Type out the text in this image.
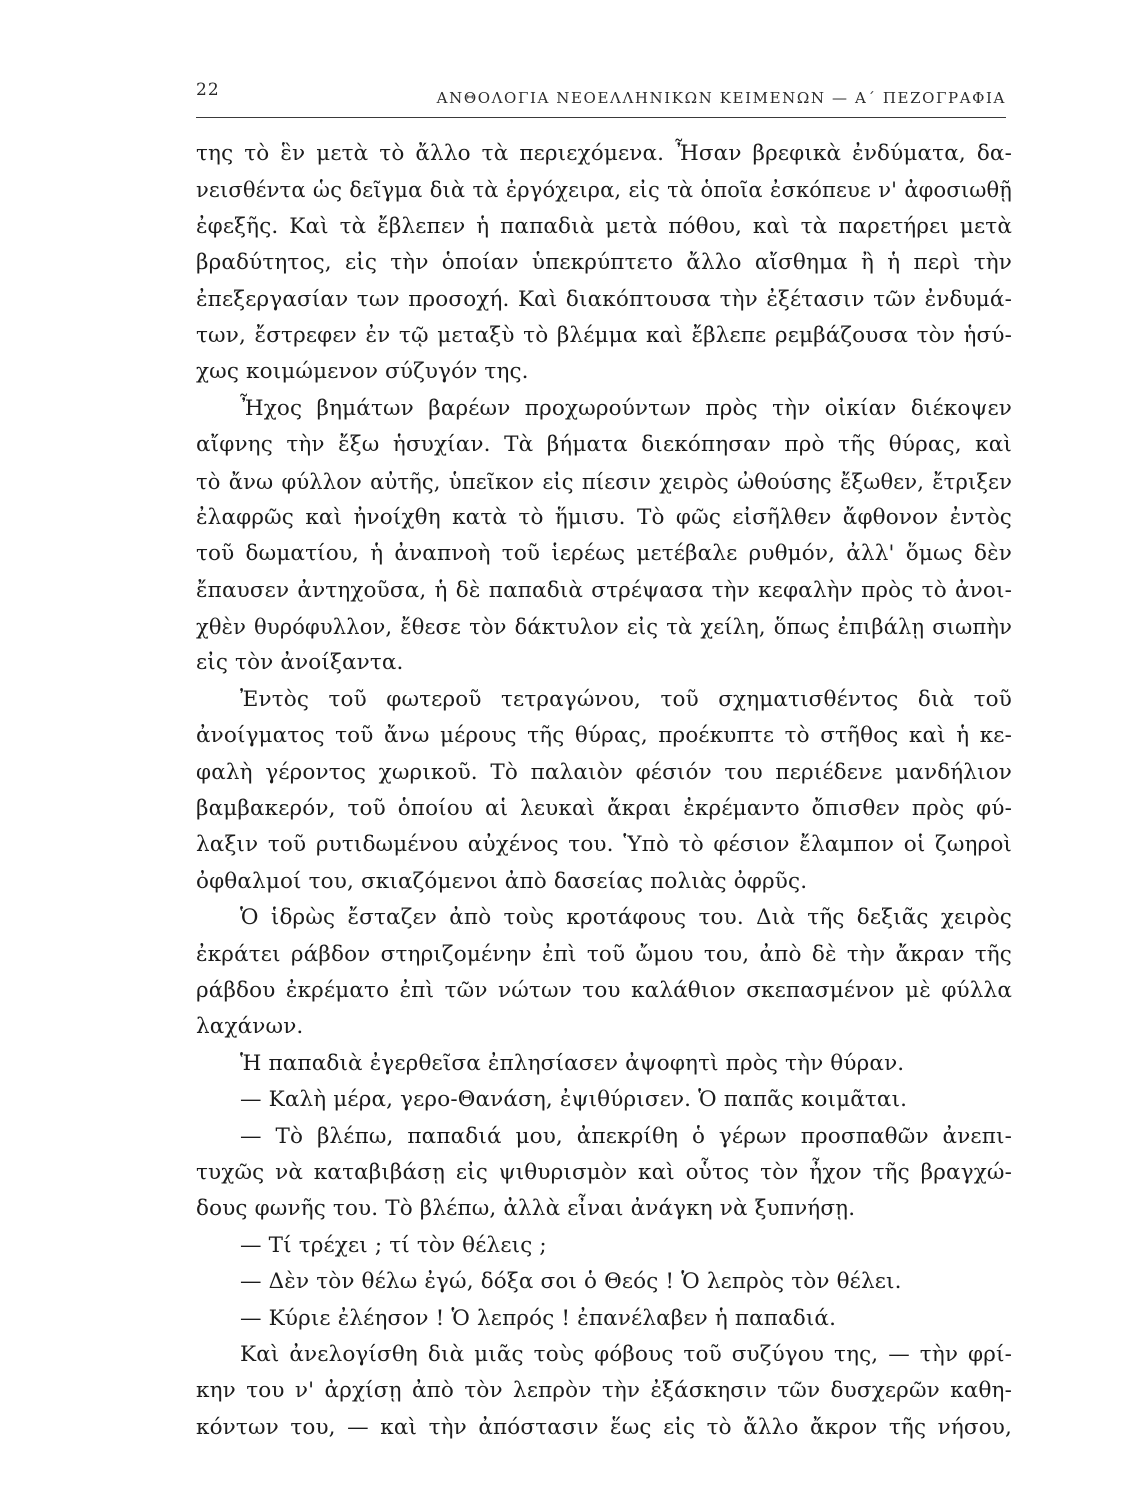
22	ΑΝΘΟΛΟΓΙΑ ΝΕΟΕΛΛΗΝΙΚΩΝ ΚΕΙΜΕΝΩΝ — Α΄ ΠΕΖΟΓΡΑΦΙΑ
της τὸ ἓν μετὰ τὸ ἄλλο τὰ περιεχόμενα. Ἦσαν βρεφικὰ ἐνδύματα, δα-
νεισθέντα ὡς δεῖγμα διὰ τὰ ἐργόχειρα, εἰς τὰ ὁποῖα ἐσκόπευε ν' ἀφοσιωθῇ
ἐφεξῆς. Καὶ τὰ ἔβλεπεν ἡ παπαδιὰ μετὰ πόθου, καὶ τὰ παρετήρει μετὰ
βραδύτητος, εἰς τὴν ὁποίαν ὑπεκρύπτετο ἄλλο αἴσθημα ἢ ἡ περὶ τὴν
ἐπεξεργασίαν των προσοχή. Καὶ διακόπτουσα τὴν ἐξέτασιν τῶν ἐνδυμά-
των, ἔστρεφεν ἐν τῷ μεταξὺ τὸ βλέμμα καὶ ἔβλεπε ρεμβάζουσα τὸν ἡσύ-
χως κοιμώμενον σύζυγόν της.
Ἦχος βημάτων βαρέων προχωρούντων πρὸς τὴν οἰκίαν διέκοψεν
αἴφνης τὴν ἔξω ἡσυχίαν. Τὰ βήματα διεκόπησαν πρὸ τῆς θύρας, καὶ
τὸ ἄνω φύλλον αὐτῆς, ὑπεῖκον εἰς πίεσιν χειρὸς ὠθούσης ἔξωθεν, ἔτριξεν
ἐλαφρῶς καὶ ἠνοίχθη κατὰ τὸ ἥμισυ. Τὸ φῶς εἰσῆλθεν ἄφθονον ἐντὸς
τοῦ δωματίου, ἡ ἀναπνοὴ τοῦ ἱερέως μετέβαλε ρυθμόν, ἀλλ' ὅμως δὲν
ἔπαυσεν ἀντηχοῦσα, ἡ δὲ παπαδιὰ στρέψασα τὴν κεφαλὴν πρὸς τὸ ἀνοι-
χθὲν θυρόφυλλον, ἔθεσε τὸν δάκτυλον εἰς τὰ χείλη, ὅπως ἐπιβάλῃ σιωπὴν
εἰς τὸν ἀνοίξαντα.
Ἐντὸς τοῦ φωτεροῦ τετραγώνου, τοῦ σχηματισθέντος διὰ τοῦ
ἀνοίγματος τοῦ ἄνω μέρους τῆς θύρας, προέκυπτε τὸ στῆθος καὶ ἡ κε-
φαλὴ γέροντος χωρικοῦ. Τὸ παλαιὸν φέσιόν του περιέδενε μανδήλιον
βαμβακερόν, τοῦ ὁποίου αἱ λευκαὶ ἄκραι ἐκρέμαντο ὄπισθεν πρὸς φύ-
λαξιν τοῦ ρυτιδωμένου αὐχένος του. Ὑπὸ τὸ φέσιον ἔλαμπον οἱ ζωηροὶ
ὀφθαλμοί του, σκιαζόμενοι ἀπὸ δασείας πολιὰς ὀφρῦς.
Ὁ ἱδρὼς ἔσταζεν ἀπὸ τοὺς κροτάφους του. Διὰ τῆς δεξιᾶς χειρὸς
ἐκράτει ράβδον στηριζομένην ἐπὶ τοῦ ὤμου του, ἀπὸ δὲ τὴν ἄκραν τῆς
ράβδου ἐκρέματο ἐπὶ τῶν νώτων του καλάθιον σκεπασμένον μὲ φύλλα
λαχάνων.
Ἡ παπαδιὰ ἐγερθεῖσα ἐπλησίασεν ἀψοφητὶ πρὸς τὴν θύραν.
— Καλὴ μέρα, γερο-Θανάση, ἐψιθύρισεν. Ὁ παπᾶς κοιμᾶται.
— Τὸ βλέπω, παπαδιά μου, ἀπεκρίθη ὁ γέρων προσπαθῶν ἀνεπι-
τυχῶς νὰ καταβιβάσῃ εἰς ψιθυρισμὸν καὶ οὗτος τὸν ἦχον τῆς βραγχώ-
δους φωνῆς του. Τὸ βλέπω, ἀλλὰ εἶναι ἀνάγκη νὰ ξυπνήσῃ.
— Τί τρέχει ; τί τὸν θέλεις ;
— Δὲν τὸν θέλω ἐγώ, δόξα σοι ὁ Θεός ! Ὁ λεπρὸς τὸν θέλει.
— Κύριε ἐλέησον ! Ὁ λεπρός ! ἐπανέλαβεν ἡ παπαδιά.
Καὶ ἀνελογίσθη διὰ μιᾶς τοὺς φόβους τοῦ συζύγου της, — τὴν φρί-
κην του ν' ἀρχίσῃ ἀπὸ τὸν λεπρὸν τὴν ἐξάσκησιν τῶν δυσχερῶν καθη-
κόντων του, — καὶ τὴν ἀπόστασιν ἕως εἰς τὸ ἄλλο ἄκρον τῆς νήσου,
